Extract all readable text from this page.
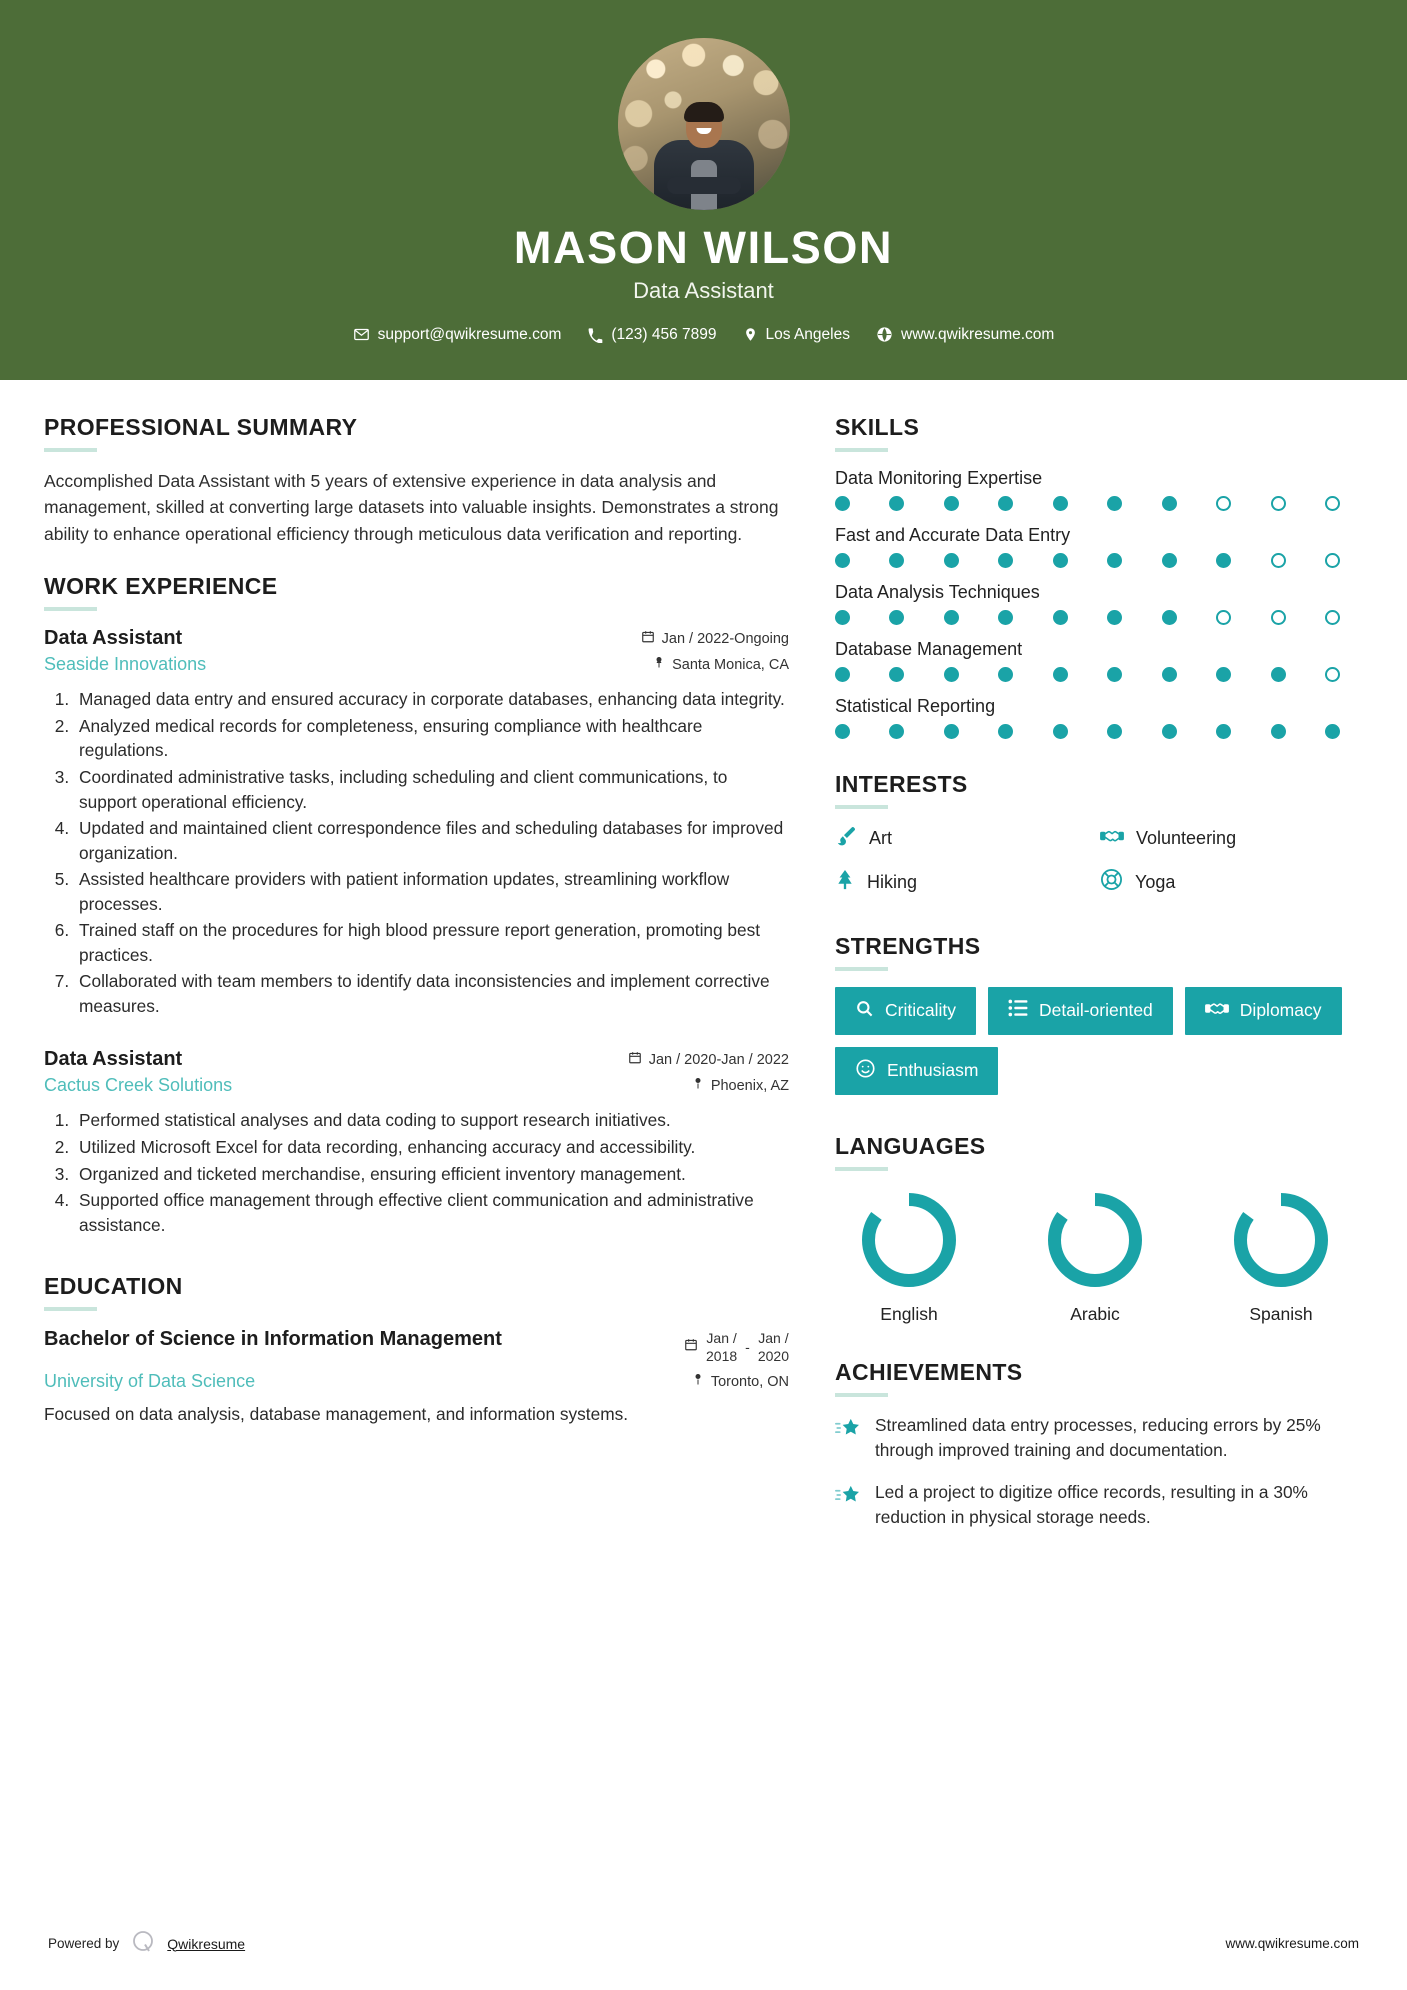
MASON WILSON
Data Assistant
support@qwikresume.com	(123) 456 7899	Los Angeles	www.qwikresume.com
PROFESSIONAL SUMMARY
Accomplished Data Assistant with 5 years of extensive experience in data analysis and management, skilled at converting large datasets into valuable insights. Demonstrates a strong ability to enhance operational efficiency through meticulous data verification and reporting.
WORK EXPERIENCE
Data Assistant	Jan / 2022-Ongoing
Seaside Innovations	Santa Monica, CA
1. Managed data entry and ensured accuracy in corporate databases, enhancing data integrity.
2. Analyzed medical records for completeness, ensuring compliance with healthcare regulations.
3. Coordinated administrative tasks, including scheduling and client communications, to support operational efficiency.
4. Updated and maintained client correspondence files and scheduling databases for improved organization.
5. Assisted healthcare providers with patient information updates, streamlining workflow processes.
6. Trained staff on the procedures for high blood pressure report generation, promoting best practices.
7. Collaborated with team members to identify data inconsistencies and implement corrective measures.
Data Assistant	Jan / 2020-Jan / 2022
Cactus Creek Solutions	Phoenix, AZ
1. Performed statistical analyses and data coding to support research initiatives.
2. Utilized Microsoft Excel for data recording, enhancing accuracy and accessibility.
3. Organized and ticketed merchandise, ensuring efficient inventory management.
4. Supported office management through effective client communication and administrative assistance.
EDUCATION
Bachelor of Science in Information Management	Jan /
2018
-
Jan /
2020
University of Data Science	Toronto, ON
Focused on data analysis, database management, and information systems.
SKILLS
Data Monitoring Expertise
Fast and Accurate Data Entry
Data Analysis Techniques
Database Management
Statistical Reporting
INTERESTS
Art	Volunteering
Hiking	Yoga
STRENGTHS
Criticality	Detail-oriented	Diplomacy
Enthusiasm
LANGUAGES
English	Arabic	Spanish
ACHIEVEMENTS
Streamlined data entry processes, reducing errors by 25% through improved training and documentation.
Led a project to digitize office records, resulting in a 30% reduction in physical storage needs.
Powered by	Qwikresume	www.qwikresume.com
